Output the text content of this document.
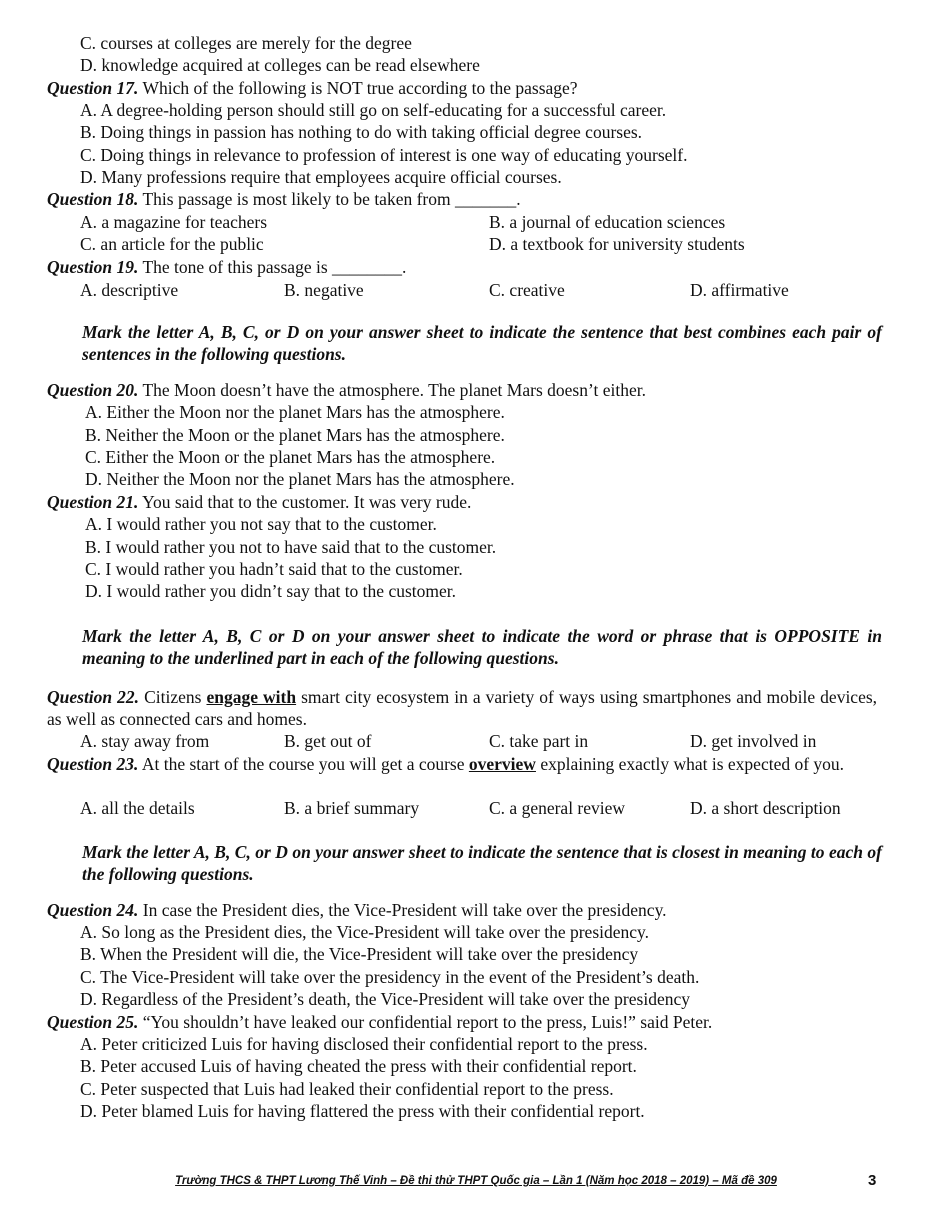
C. courses at colleges are merely for the degree
D. knowledge acquired at colleges can be read elsewhere
Question 17. Which of the following is NOT true according to the passage?
A. A degree-holding person should still go on self-educating for a successful career.
B. Doing things in passion has nothing to do with taking official degree courses.
C. Doing things in relevance to profession of interest is one way of educating yourself.
D. Many professions require that employees acquire official courses.
Question 18. This passage is most likely to be taken from _______.
A. a magazine for teachers	B. a journal of education sciences
C. an article for the public	D. a textbook for university students
Question 19. The tone of this passage is ________.
A. descriptive	B. negative	C. creative	D. affirmative
Mark the letter A, B, C, or D on your answer sheet to indicate the sentence that best combines each pair of sentences in the following questions.
Question 20. The Moon doesn’t have the atmosphere. The planet Mars doesn’t either.
A. Either the Moon nor the planet Mars has the atmosphere.
B. Neither the Moon or the planet Mars has the atmosphere.
C. Either the Moon or the planet Mars has the atmosphere.
D. Neither the Moon nor the planet Mars has the atmosphere.
Question 21. You said that to the customer. It was very rude.
A. I would rather you not say that to the customer.
B. I would rather you not to have said that to the customer.
C. I would rather you hadn’t said that to the customer.
D. I would rather you didn’t say that to the customer.
Mark the letter A, B, C or D on your answer sheet to indicate the word or phrase that is OPPOSITE in meaning to the underlined part in each of the following questions.
Question 22. Citizens engage with smart city ecosystem in a variety of ways using smartphones and mobile devices, as well as connected cars and homes.
A. stay away from	B. get out of	C. take part in	D. get involved in
Question 23. At the start of the course you will get a course overview explaining exactly what is expected of you.
A. all the details	B. a brief summary	C. a general review	D. a short description
Mark the letter A, B, C, or D on your answer sheet to indicate the sentence that is closest in meaning to each of the following questions.
Question 24. In case the President dies, the Vice-President will take over the presidency.
A. So long as the President dies, the Vice-President will take over the presidency.
B. When the President will die, the Vice-President will take over the presidency
C. The Vice-President will take over the presidency in the event of the President’s death.
D. Regardless of the President’s death, the Vice-President will take over the presidency
Question 25. “You shouldn’t have leaked our confidential report to the press, Luis!” said Peter.
A. Peter criticized Luis for having disclosed their confidential report to the press.
B. Peter accused Luis of having cheated the press with their confidential report.
C. Peter suspected that Luis had leaked their confidential report to the press.
D. Peter blamed Luis for having flattered the press with their confidential report.
Trường THCS & THPT Lương Thế Vinh – Đề thi thử THPT Quốc gia – Lần 1 (Năm học 2018 – 2019) – Mã đề 309	3
